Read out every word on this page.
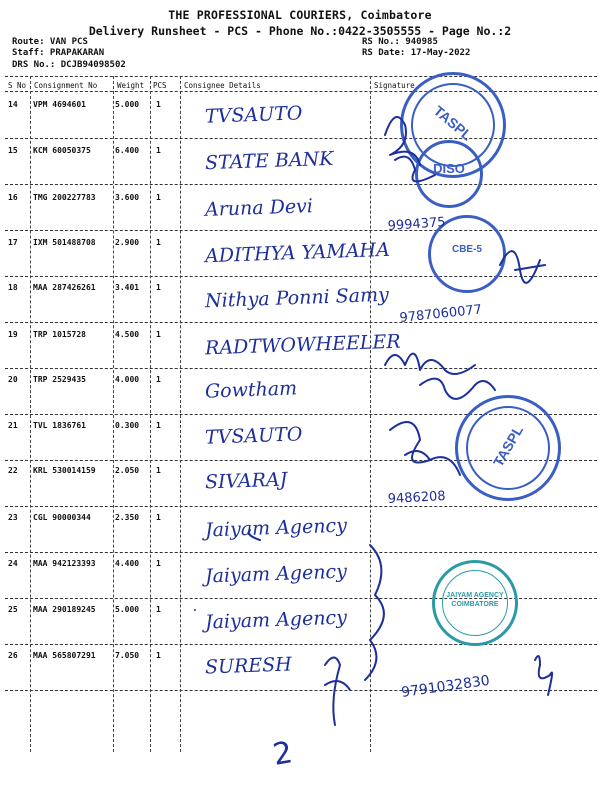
THE PROFESSIONAL COURIERS, Coimbatore
Delivery Runsheet - PCS - Phone No.:0422-3505555 - Page No.:2
Route: VAN PCS
Staff: PRAPAKARAN
DRS No.: DCJB94098502
RS No.: 940985
RS Date: 17-May-2022
S No Consignment No	Weight PCS Consignee Details	Signature
14 VPM 4694601	5.000 1 TVSAUTO
15 KCM 60050375	6.400 1 STATE BANK
16 TMG 200227783 3.600 1 Aruna Devi
17 IXM 501488708 2.900 1 ADITHYA YAMAHA
18 MAA 287426261 3.401 1 Nithya Ponni Samy
19 TRP 1015728	4.500 1 RADTWOWHEELER
20 TRP 2529435	4.000 1 Gowtham
21 TVL 1836761	0.300 1 TVSAUTO
22 KRL 530014159 2.050 1 SIVARAJ
23 CGL 90000344	2.350 1 Jaiyam Agency
24 MAA 942123393 4.400 1 Jaiyam Agency
25 MAA 290189245 5.000 1 Jaiyam Agency
26 MAA 565807291 7.050 1 SURESH
TASPL
DISO
CBE-5
TASPL
JAIYAM AGENCY COIMBATORE
9994375
9787060077
9486208
9791032830
2
